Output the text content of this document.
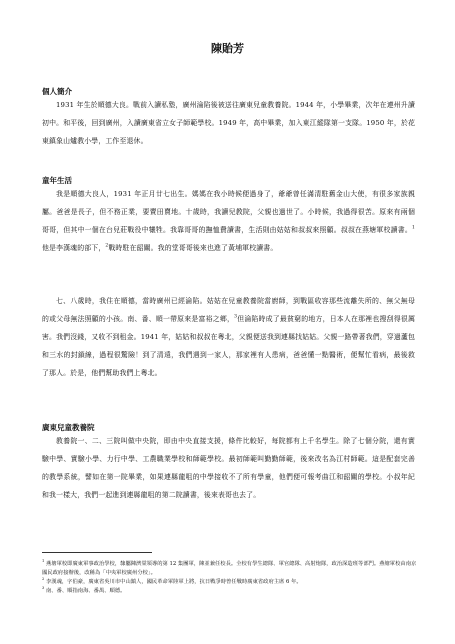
陳貽芳
個人簡介
1931 年生於順德大良。戰前入讀私塾，廣州淪陷後被送往廣東兒童教養院。1944 年，小學畢業，次年在連州升讀初中。和平後，回到廣州，入讀廣東省立女子師範學校。1949 年，高中畢業，加入東江縱隊第一支隊。1950 年，於花東鎮象山爐教小學，工作至退休。
童年生活
我是順德大良人，1931 年正月廿七出生。媽媽在我小時候便過身了，爺爺曾任滿清駐舊金山大使，有很多家族親屬。爸爸是長子，但不務正業，要賣田賣地。十歲時，我讀兒教院，父親也過世了。小時候，我過得很苦。原來有兩個哥哥，但其中一個在台兒莊戰役中犧牲。我靠哥哥的撫恤費讀書，生活則由姑姑和叔叔來照顧。叔叔在燕塘軍校讀書。$^1$他是李漢魂的部下，$^2$戰時駐在韶關。我的堂哥哥後來也進了黃埔軍校讀書。
七、八歲時，我住在順德，當時廣州已經淪陷。姑姑在兒童教養院當廚師，到戰區收容那些流離失所的、無父無母的或父母無法照顧的小孩。南、番、順一帶原來是富裕之鄉，$^3$但淪陷時成了最貧窮的地方，日本人在那裡也搜刮得很厲害。我們沒錢，又收不到租金。1941 年，姑姑和叔叔在粵北，父親便送我到連縣找姑姑。父親一路帶著我們，穿過蘆包和三水的封鎖線，過程很驚險！到了清遠，我們遇到一家人，那家裡有人患病，爸爸懂一點醫術，便幫忙看病，最後救了那人。於是，他們幫助我們上粵北。
廣東兒童教養院
教養院一、二、三院叫做中央院，即由中央直接支援，條件比較好，每院都有上千名學生。除了七個分院，還有實驗中學、實驗小學、力行中學、工農職業學校和師範學校。最初師範叫勤勤師範，後來改名為江村師範。這是配套完善的教學系統，譬如在第一院畢業，如果連縣龍咀的中學接收不了所有學童，他們便可報考曲江和韶關的學校。小叔年紀和我一樣大，我們一起進到連縣龍咀的第二院讀書，後來表哥也去了。
$^1$ 燕塘軍校即廣東軍事政治學校，隸屬陳濟棠領導的第 12 集團軍，陳並兼任校長。全校有學生總隊、軍官總隊、高射炮隊，政治深造班等部門。燕塘軍校由南京國民政府接辦後，改稱為「中央軍校廣州分校」。
$^2$ 李漢魂，字伯豪，廣東省吳川市中山鎮人，國民革命軍陸軍上將，抗日戰爭時曾任戰時廣東省政府主席 6 年。
$^3$ 南、番、順指南海、番禺、順德。
